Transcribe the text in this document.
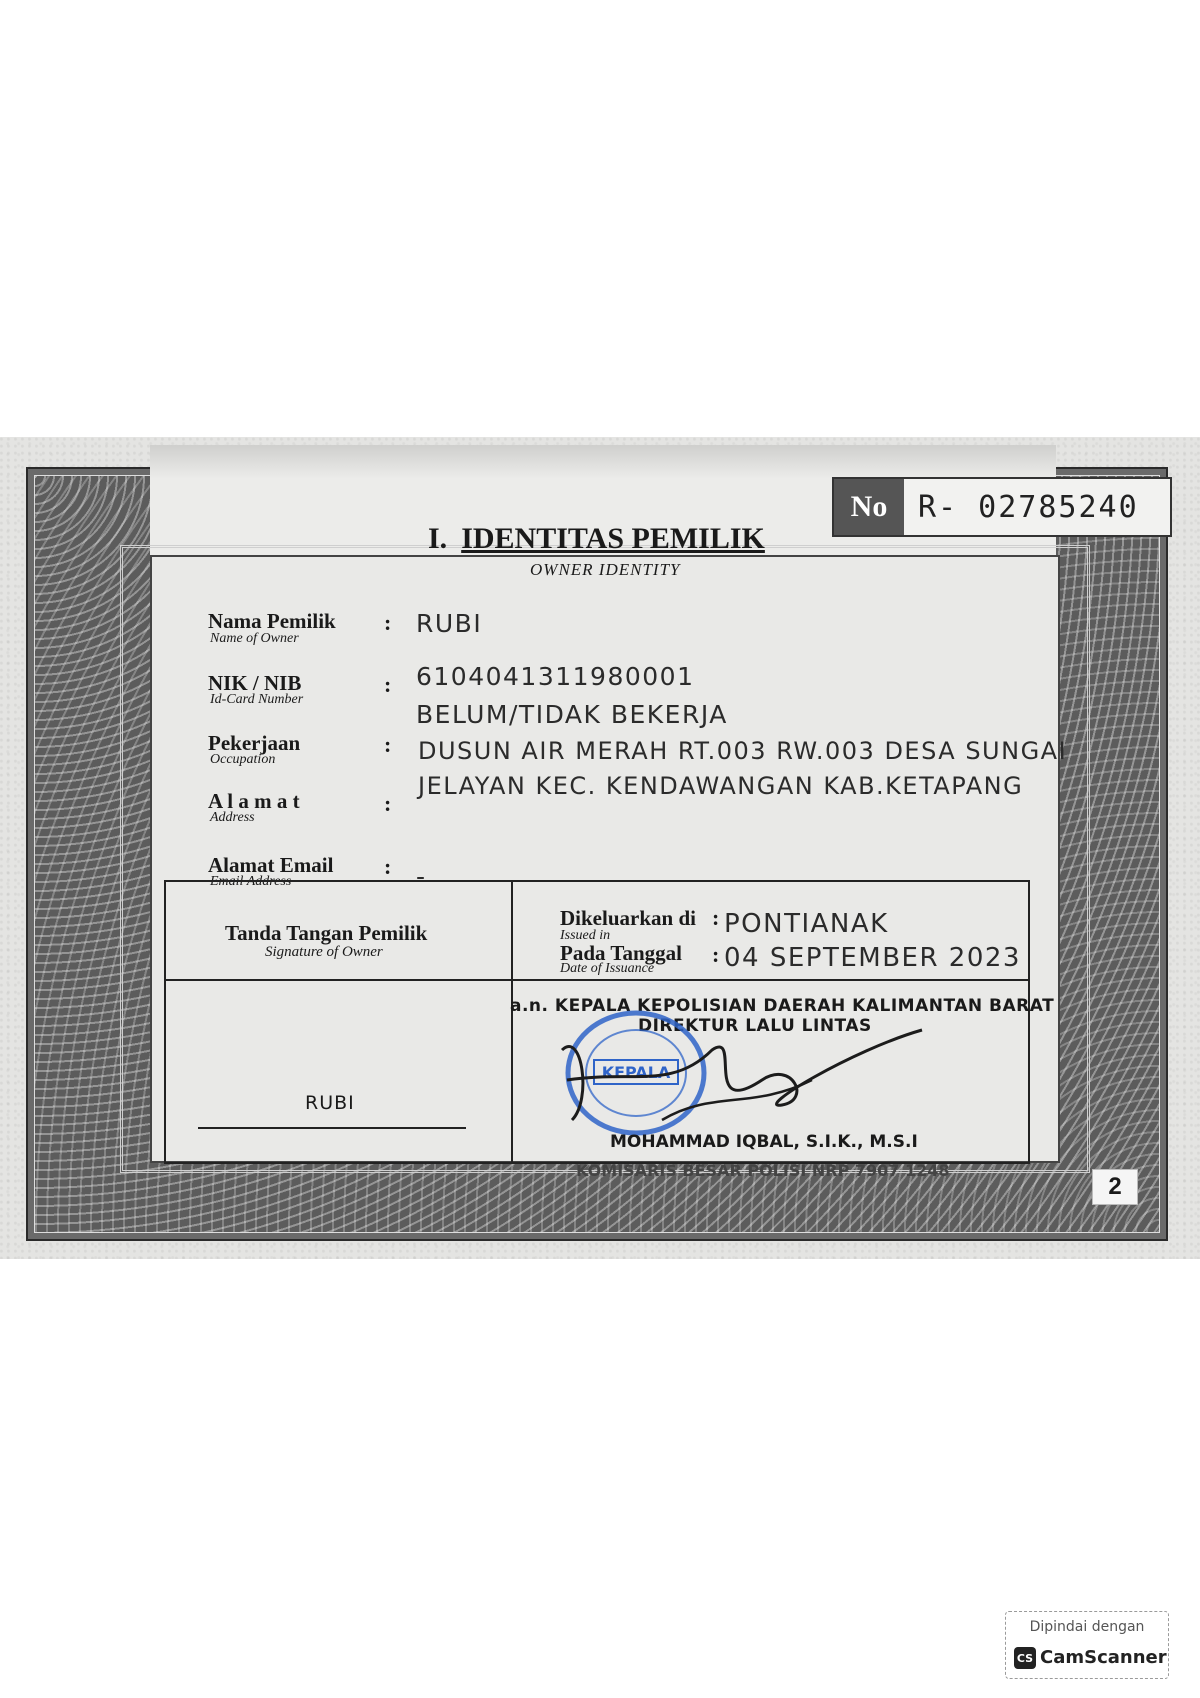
No	R- 02785240
I. IDENTITAS PEMILIK
OWNER IDENTITY
Nama Pemilik
Name of Owner
: RUBI
NIK / NIB
Id-Card Number
: 6104041311980001
BELUM/TIDAK BEKERJA
Pekerjaan
Occupation
: DUSUN AIR MERAH RT.003 RW.003 DESA SUNGAI
JELAYAN KEC. KENDAWANGAN KAB.KETAPANG
A l a m a t
Address
:
Alamat Email
Email Address
: -
Tanda Tangan Pemilik
Signature of Owner
RUBI
Dikeluarkan di
Issued in
: PONTIANAK
Pada Tanggal
Date of Issuance
: 04 SEPTEMBER 2023
a.n. KEPALA KEPOLISIAN DAERAH KALIMANTAN BARAT
DIREKTUR LALU LINTAS
KEPALA
MOHAMMAD IQBAL, S.I.K., M.S.I
KOMISARIS BESAR POLISI NRP 7907 1248
2
Dipindai dengan
CS CamScanner
